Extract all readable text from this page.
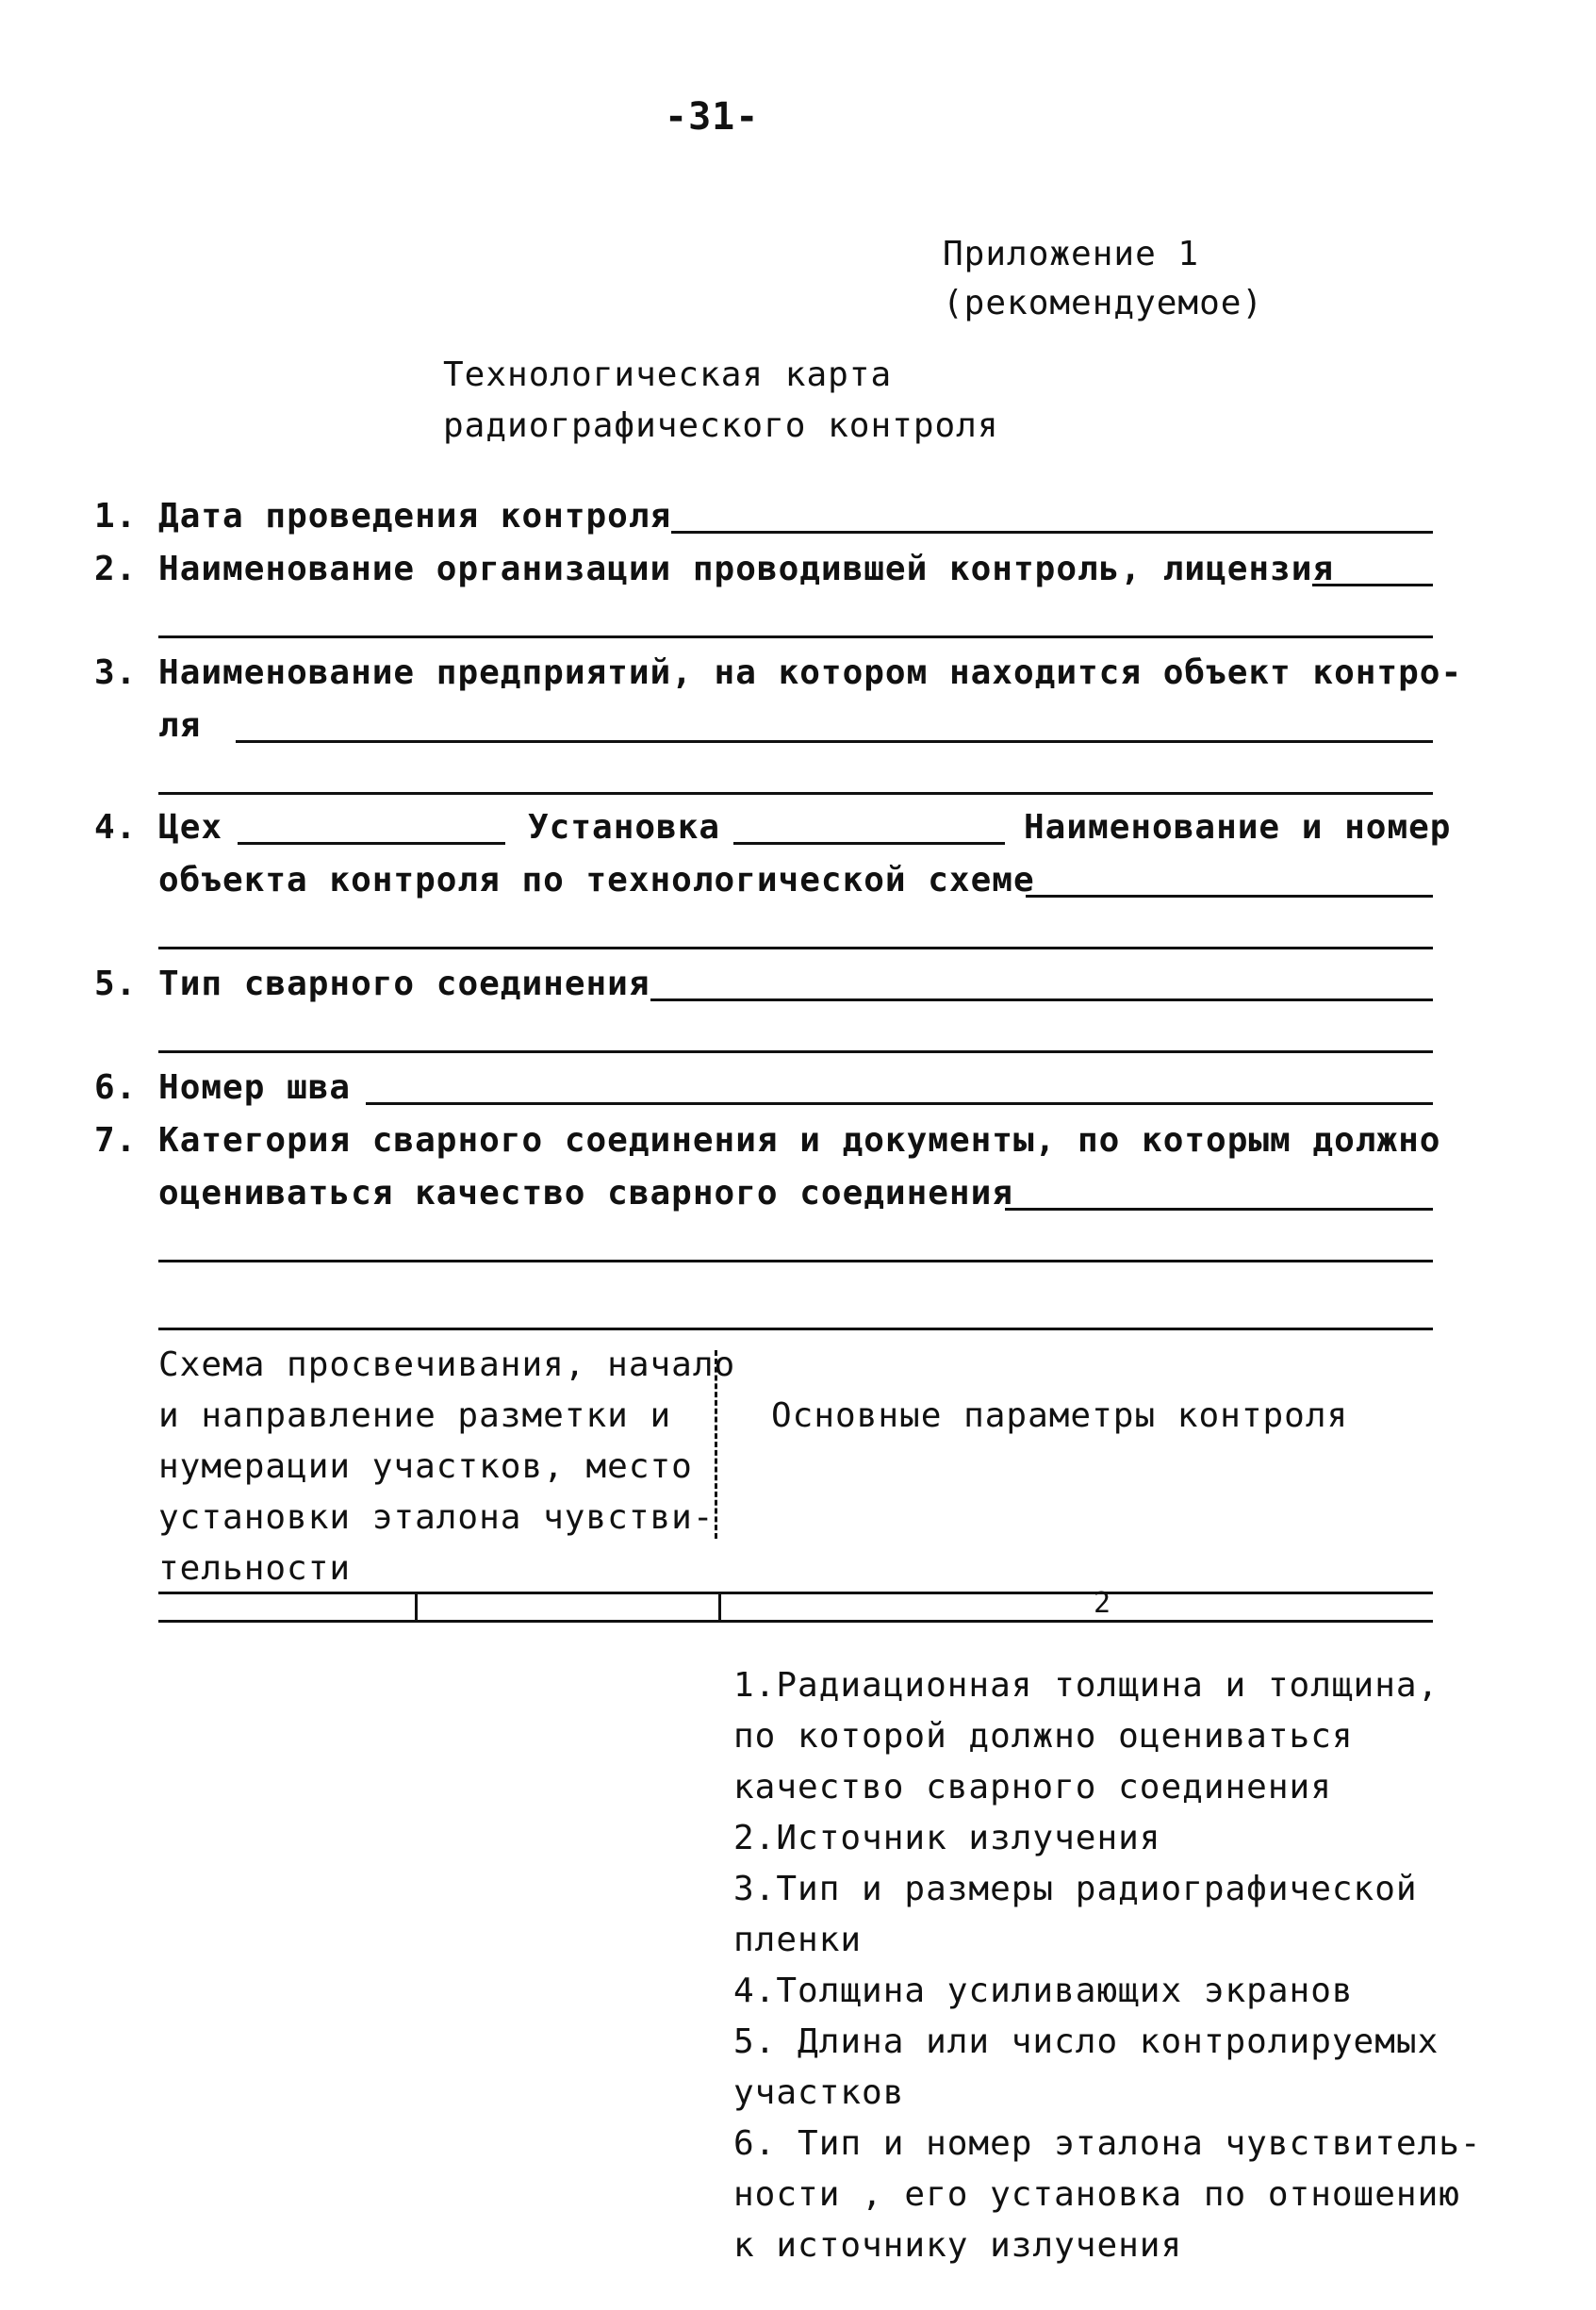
-31-
Приложение 1
(рекомендуемое)
Технологическая карта
радиографического контроля
1. Дата проведения контроля
2. Наименование организации проводившей контроль, лицензия
3. Наименование предприятий, на котором находится объект контро-
ля
4. Цех	Установка	Наименование и номер
объекта контроля по технологической схеме
5. Тип сварного соединения
6. Номер шва
7. Категория сварного соединения и документы, по которым должно
оцениваться качество сварного соединения
Схема просвечивания, начало
и направление разметки и
нумерации участков, место
установки эталона чувстви-
тельности
Основные параметры контроля
2
1.Радиационная толщина и толщина,
по которой должно оцениваться
качество сварного соединения
2.Источник излучения
3.Тип и размеры радиографической
пленки
4.Толщина усиливающих экранов
5. Длина или число контролируемых
участков
6. Тип и номер эталона чувствитель-
ности , его установка по отношению
к источнику излучения
